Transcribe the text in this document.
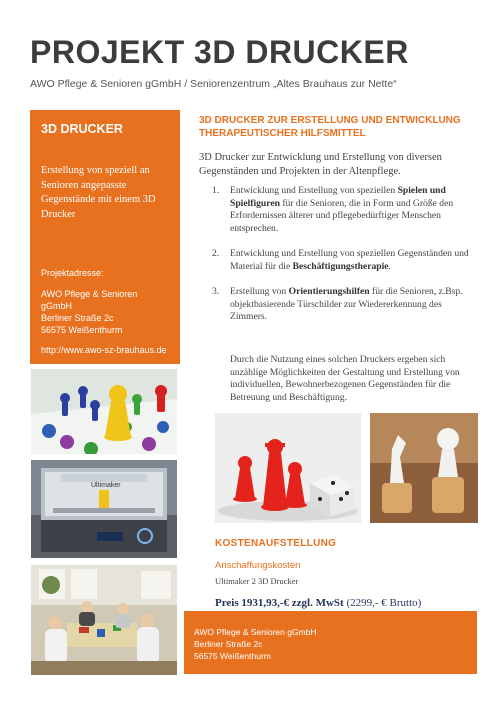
PROJEKT 3D DRUCKER
AWO Pflege & Senioren gGmbH / Seniorenzentrum „Altes Brauhaus zur Nette“
3D DRUCKER
Erstellung von speziell an Senioren angepasste Gegenstände mit einem 3D Drucker
Projektadresse:
AWO Pflege & Senioren gGmbH
Berliner Straße 2c
56575 Weißenthurm
http://www.awo-sz-brauhaus.de
Ultimaker
3D DRUCKER ZUR ERSTELLUNG UND ENTWICKLUNG THERAPEUTISCHER HILFSMITTEL
3D Drucker zur Entwicklung und Erstellung von diversen Gegenständen und Projekten in der Altenpflege.
1. Entwicklung und Erstellung von speziellen Spielen und Spielfiguren für die Senioren, die in Form und Größe den Erfordernissen älterer und pflegebedürftiger Menschen entsprechen.
2. Entwicklung und Erstellung von speziellen Gegenständen und Material für die Beschäftigungstherapie.
3. Erstellung von Orientierungshilfen für die Senioren, z.Bsp. objektbasierende Türschilder zur Wiedererkennung des Zimmers.
Durch die Nutzung eines solchen Druckers ergeben sich unzählige Möglichkeiten der Gestaltung und Erstellung von individuellen, Bewohnerbezogenen Gegenständen für die Betreuung und Beschäftigung.
KOSTENAUFSTELLUNG
Anschaffungskosten
Ultimaker 2 3D Drucker
Preis 1931,93,-€ zzgl. MwSt (2299,- € Brutto)
AWO Pflege & Senioren gGmbH
Berliner Straße 2c
56575 Weißenthurm
